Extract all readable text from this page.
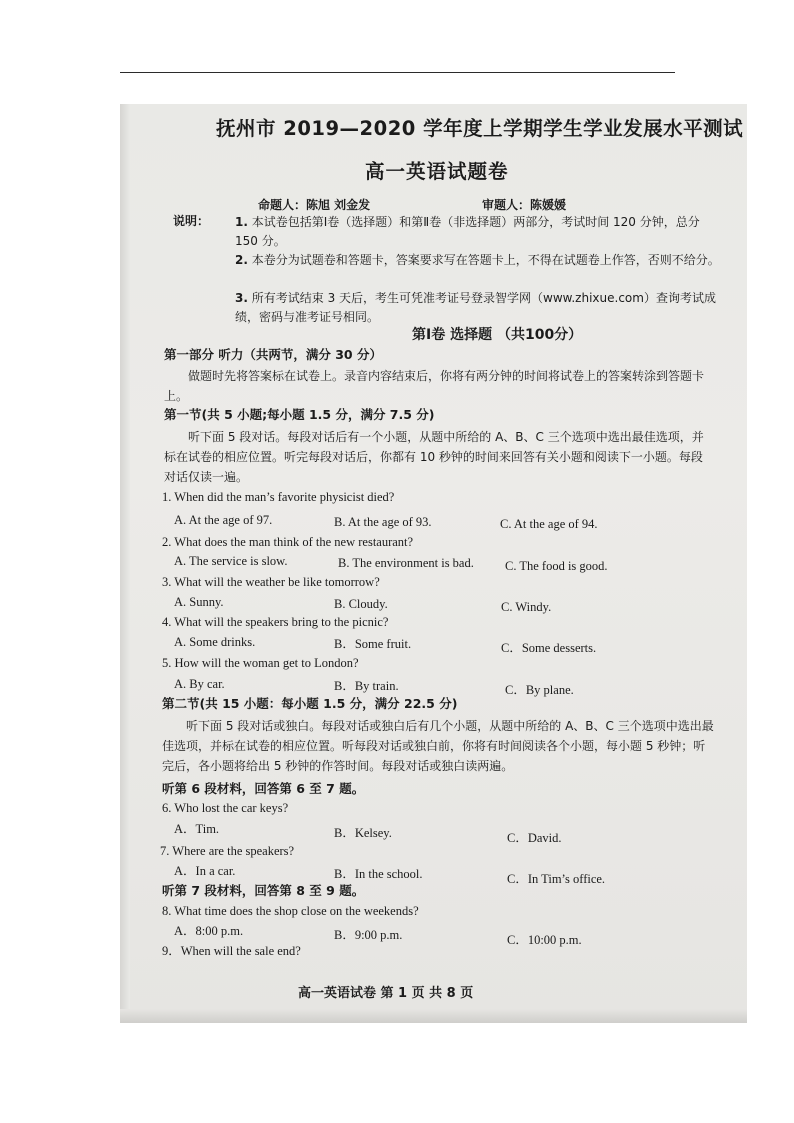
抚州市 2019—2020 学年度上学期学生学业发展水平测试
高一英语试题卷
命题人：陈旭 刘金发	审题人：陈媛媛
说明： 1. 本试卷包括第Ⅰ卷（选择题）和第Ⅱ卷（非选择题）两部分，考试时间 120 分钟，总分 150 分。
2. 本卷分为试题卷和答题卡，答案要求写在答题卡上，不得在试题卷上作答，否则不给分。
3. 所有考试结束 3 天后，考生可凭准考证号登录智学网（www.zhixue.com）查询考试成绩，密码与准考证号相同。
第Ⅰ卷 选择题 （共100分）
第一部分 听力（共两节，满分 30 分）
做题时先将答案标在试卷上。录音内容结束后，你将有两分钟的时间将试卷上的答案转涂到答题卡上。
第一节(共 5 小题;每小题 1.5 分，满分 7.5 分)
听下面 5 段对话。每段对话后有一个小题，从题中所给的 A、B、C 三个选项中选出最佳选项，并标在试卷的相应位置。听完每段对话后，你都有 10 秒钟的时间来回答有关小题和阅读下一小题。每段对话仅读一遍。
1. When did the man’s favorite physicist died?
A. At the age of 97.	B. At the age of 93.	C. At the age of 94.
2. What does the man think of the new restaurant?
A. The service is slow.	B. The environment is bad. C. The food is good.
3. What will the weather be like tomorrow?
A. Sunny.	B. Cloudy.	C. Windy.
4. What will the speakers bring to the picnic?
A. Some drinks.	B．Some fruit.	C．Some desserts.
5. How will the woman get to London?
A. By car.	B．By train.	C．By plane.
第二节(共 15 小题：每小题 1.5 分，满分 22.5 分)
听下面 5 段对话或独白。每段对话或独白后有几个小题，从题中所给的 A、B、C 三个选项中选出最佳选项，并标在试卷的相应位置。听每段对话或独白前，你将有时间阅读各个小题，每小题 5 秒钟；听完后，各小题将给出 5 秒钟的作答时间。每段对话或独白读两遍。
听第 6 段材料，回答第 6 至 7 题。
6. Who lost the car keys?
A．Tim.	B．Kelsey.	C．David.
7. Where are the speakers?
A．In a car.	B．In the school.	C．In Tim’s office.
听第 7 段材料，回答第 8 至 9 题。
8. What time does the shop close on the weekends?
A．8:00 p.m.	B．9:00 p.m.	C．10:00 p.m.
9．When will the sale end?
高一英语试卷 第 1 页 共 8 页
